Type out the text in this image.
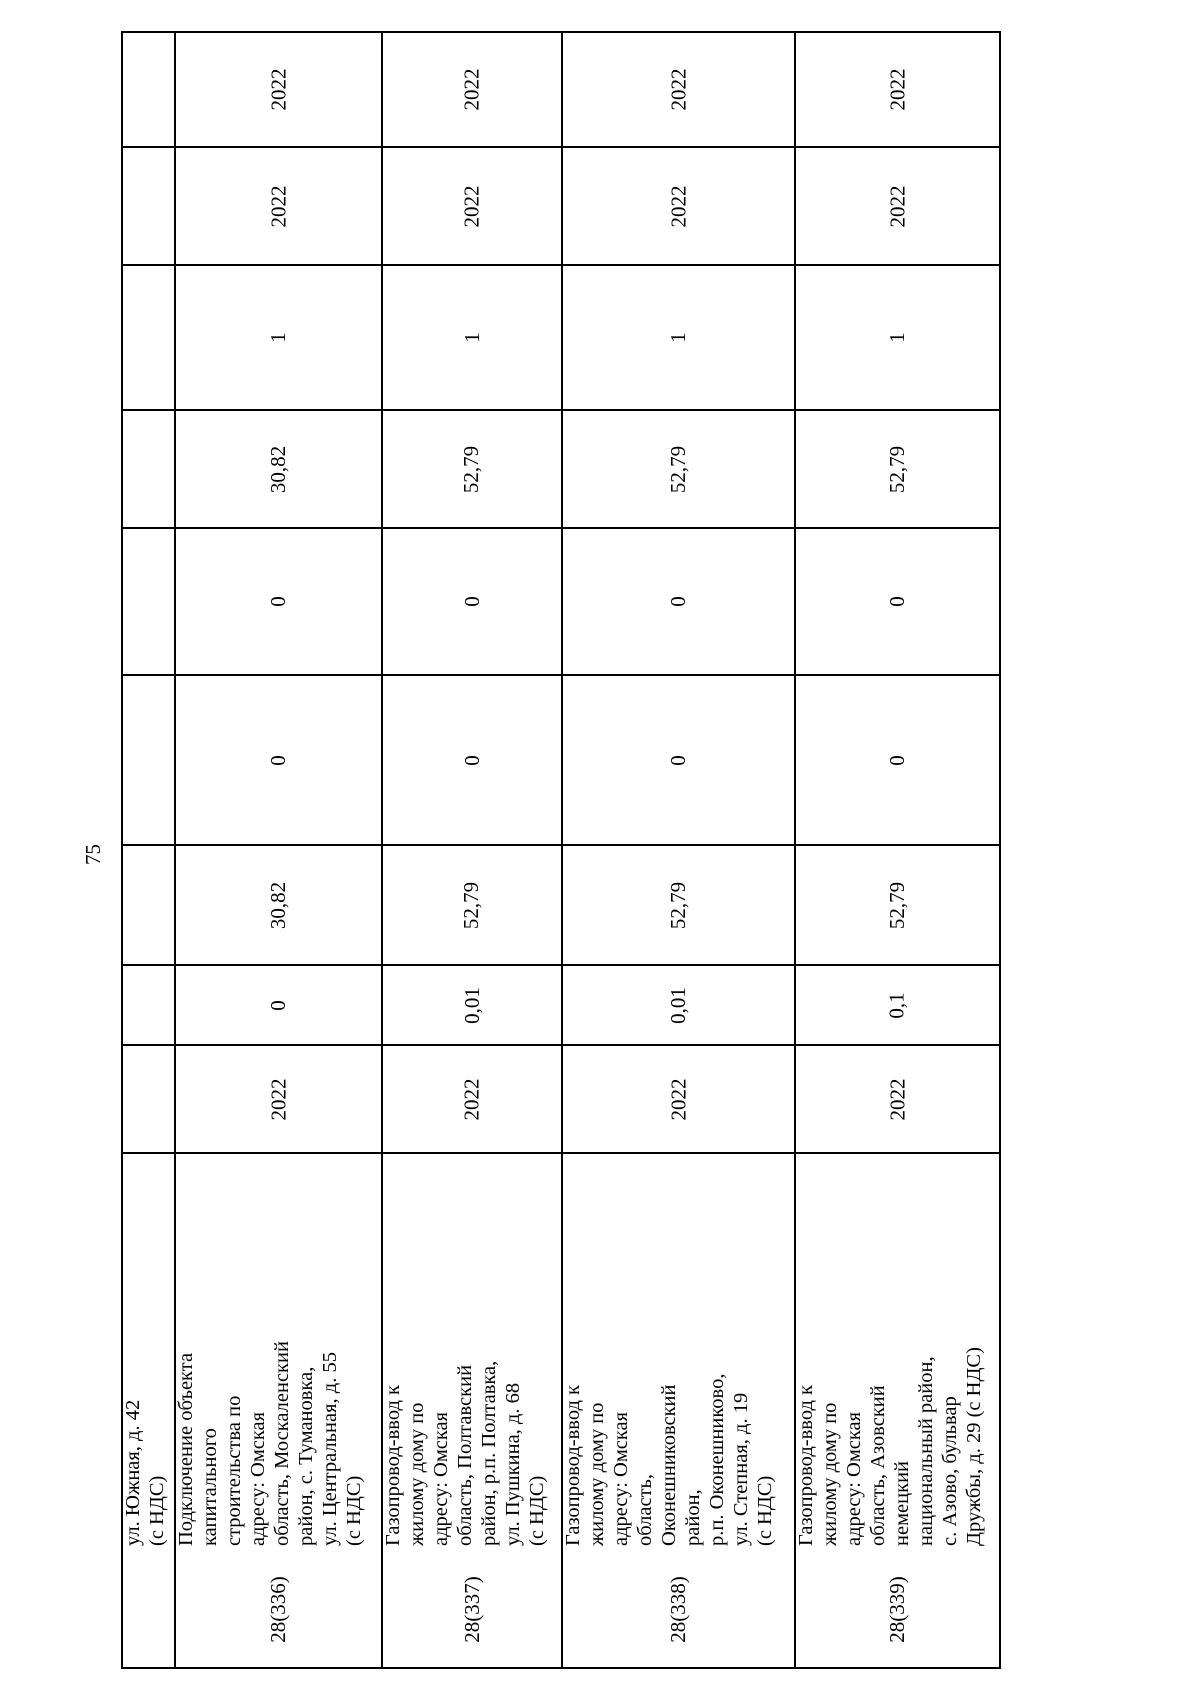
75
ул. Южная, д. 42
(с НДС)
2022
2022
1
30,82
0
0
30,82
0
2022
28(336)
Подключение объекта
капитального
строительства по
адресу: Омская
область, Москаленский
район, с. Тумановка,
ул. Центральная, д. 55
(с НДС)
2022
2022
1
52,79
0
0
52,79
0,01
2022
28(337)
Газопровод-ввод к
жилому дому по
адресу: Омская
область, Полтавский
район, р.п. Полтавка,
ул. Пушкина, д. 68
(с НДС)
2022
2022
1
52,79
0
0
52,79
0,01
2022
28(338)
Газопровод-ввод к
жилому дому по
адресу: Омская
область,
Оконешниковский
район,
р.п. Оконешниково,
ул. Степная, д. 19
(с НДС)
2022
2022
1
52,79
0
0
52,79
0,1
2022
28(339)
Газопровод-ввод к
жилому дому по
адресу: Омская
область, Азовский
немецкий
национальный район,
с. Азово, бульвар
Дружбы, д. 29 (с НДС)
